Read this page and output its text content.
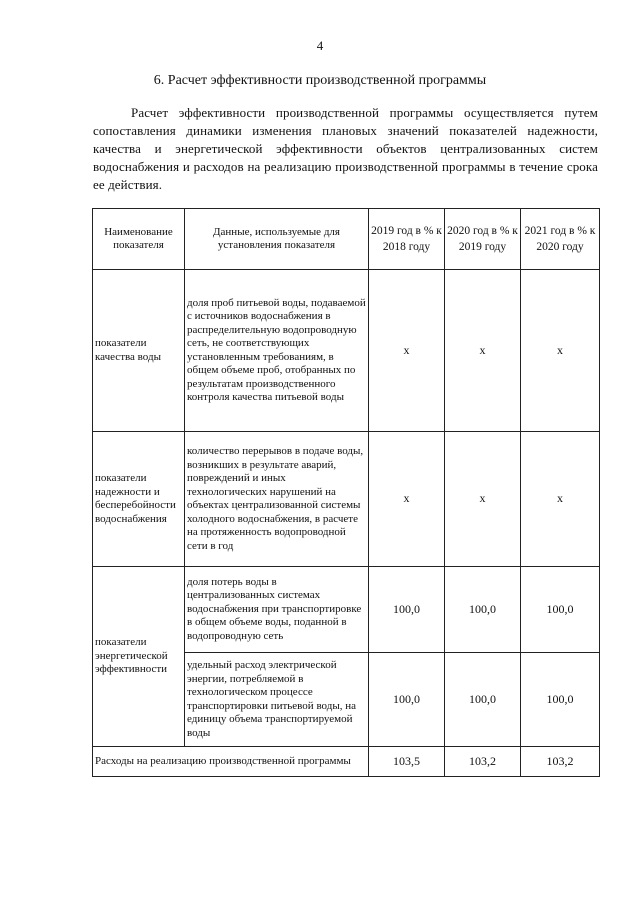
4
6. Расчет эффективности производственной программы
Расчет эффективности производственной программы осуществляется путем сопоставления динамики изменения плановых значений показателей надежности, качества и энергетической эффективности объектов централизованных систем водоснабжения и расходов на реализацию производственной программы в течение срока ее действия.
Наименование показателя	Данные, используемые для установления показателя	2019 год в % к 2018 году	2020 год в % к 2019 году	2021 год в % к 2020 году
показатели качества воды	доля проб питьевой воды, подаваемой с источников водоснабжения в распределительную водопроводную сеть, не соответствующих установленным требованиям, в общем объеме проб, отобранных по результатам производственного контроля качества питьевой воды	x	x	x
показатели надежности и бесперебойности водоснабжения	количество перерывов в подаче воды, возникших в результате аварий, повреждений и иных технологических нарушений на объектах централизованной системы холодного водоснабжения, в расчете на протяженность водопроводной сети в год	x	x	x
показатели энергетической эффективности	доля потерь воды в централизованных системах водоснабжения при транспортировке в общем объеме воды, поданной в водопроводную сеть	100,0	100,0	100,0
	удельный расход электрической энергии, потребляемой в технологическом процессе транспортировки питьевой воды, на единицу объема транспортируемой воды	100,0	100,0	100,0
Расходы на реализацию производственной программы		103,5	103,2	103,2
